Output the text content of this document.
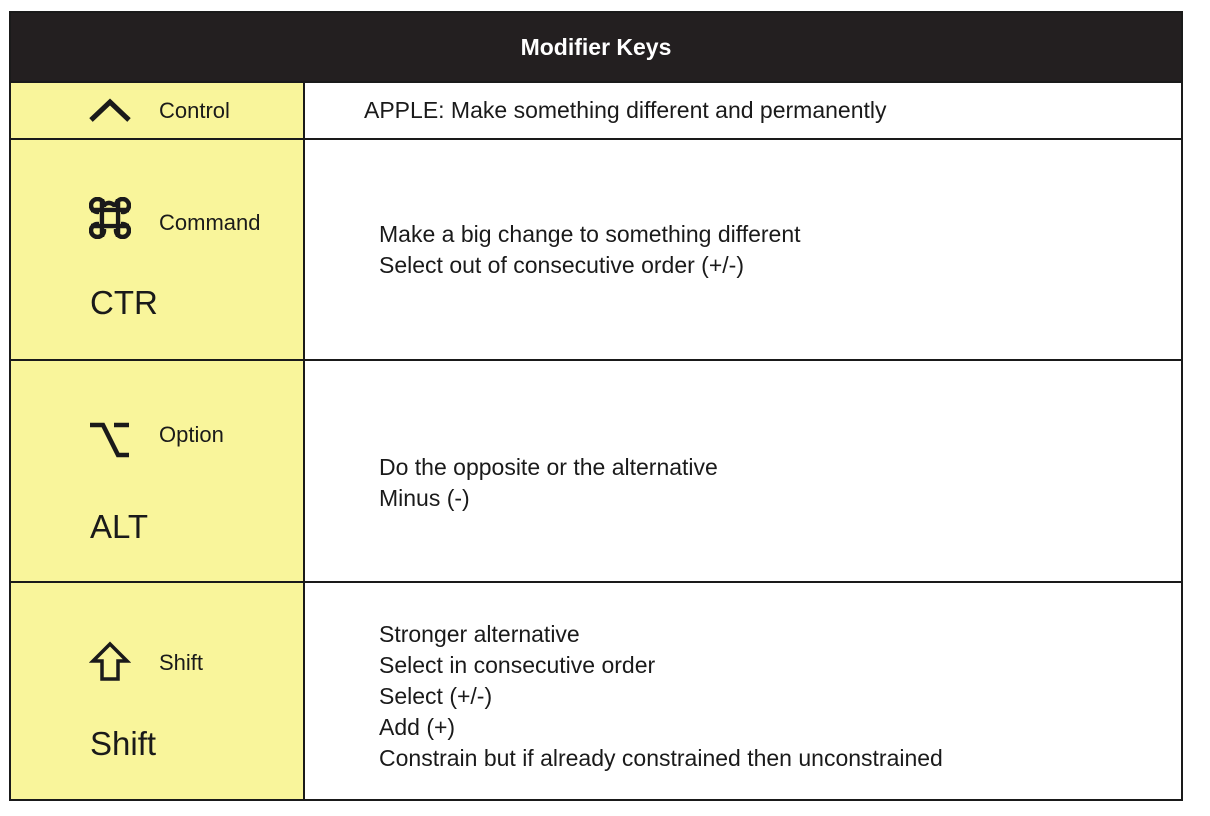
Modifier Keys
Control	APPLE: Make something different and permanently
Command
CTR
Make a big change to something different
Select out of consecutive order (+/-)
Option
ALT
Do the opposite or the alternative
Minus (-)
Shift
Shift
Stronger alternative
Select in consecutive order
Select (+/-)
Add (+)
Constrain but if already constrained then unconstrained
